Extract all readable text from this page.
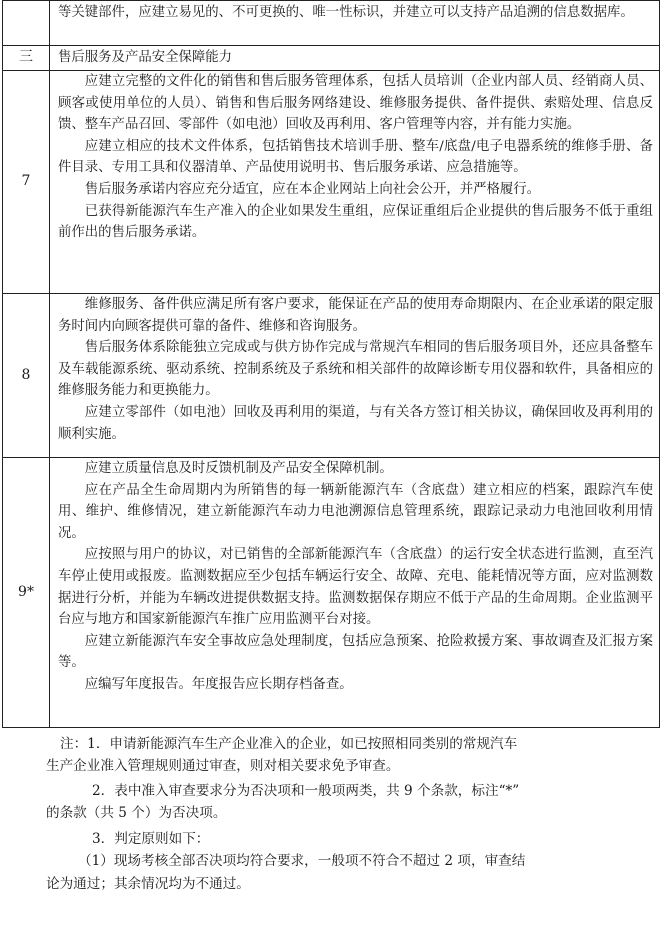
	等关键部件，应建立易见的、不可更换的、唯一性标识，并建立可以支持产品追溯的信息数据库。

三	售后服务及产品安全保障能力
7	应建立完整的文件化的销售和售后服务管理体系，包括人员培训（企业内部人员、经销商人员、顾客或使用单位的人员）、销售和售后服务网络建设、维修服务提供、备件提供、索赔处理、信息反馈、整车产品召回、零部件（如电池）回收及再利用、客户管理等内容，并有能力实施。

应建立相应的技术文件体系，包括销售技术培训手册、整车/底盘/电子电器系统的维修手册、备件目录、专用工具和仪器清单、产品使用说明书、售后服务承诺、应急措施等。

售后服务承诺内容应充分适宜，应在本企业网站上向社会公开，并严格履行。

已获得新能源汽车生产准入的企业如果发生重组，应保证重组后企业提供的售后服务不低于重组前作出的售后服务承诺。

8	维修服务、备件供应满足所有客户要求，能保证在产品的使用寿命期限内、在企业承诺的限定服务时间内向顾客提供可靠的备件、维修和咨询服务。

售后服务体系除能独立完成或与供方协作完成与常规汽车相同的售后服务项目外，还应具备整车及车载能源系统、驱动系统、控制系统及子系统和相关部件的故障诊断专用仪器和软件，具备相应的维修服务能力和更换能力。

应建立零部件（如电池）回收及再利用的渠道，与有关各方签订相关协议，确保回收及再利用的顺利实施。

9*	应建立质量信息及时反馈机制及产品安全保障机制。

应在产品全生命周期内为所销售的每一辆新能源汽车（含底盘）建立相应的档案，跟踪汽车使用、维护、维修情况，建立新能源汽车动力电池溯源信息管理系统，跟踪记录动力电池回收利用情况。

应按照与用户的协议，对已销售的全部新能源汽车（含底盘）的运行安全状态进行监测，直至汽车停止使用或报废。监测数据应至少包括车辆运行安全、故障、充电、能耗情况等方面，应对监测数据进行分析，并能为车辆改进提供数据支持。监测数据保存期应不低于产品的生命周期。企业监测平台应与地方和国家新能源汽车推广应用监测平台对接。

应建立新能源汽车安全事故应急处理制度，包括应急预案、抢险救援方案、事故调查及汇报方案等。

应编写年度报告。年度报告应长期存档备查。

注：1．申请新能源汽车生产企业准入的企业，如已按照相同类别的常规汽车

生产企业准入管理规则通过审查，则对相关要求免予审查。

2．表中准入审查要求分为否决项和一般项两类，共 9 个条款，标注“*”

的条款（共 5 个）为否决项。

3．判定原则如下：

（1）现场考核全部否决项均符合要求，一般项不符合不超过 2 项，审查结

论为通过；其余情况均为不通过。
